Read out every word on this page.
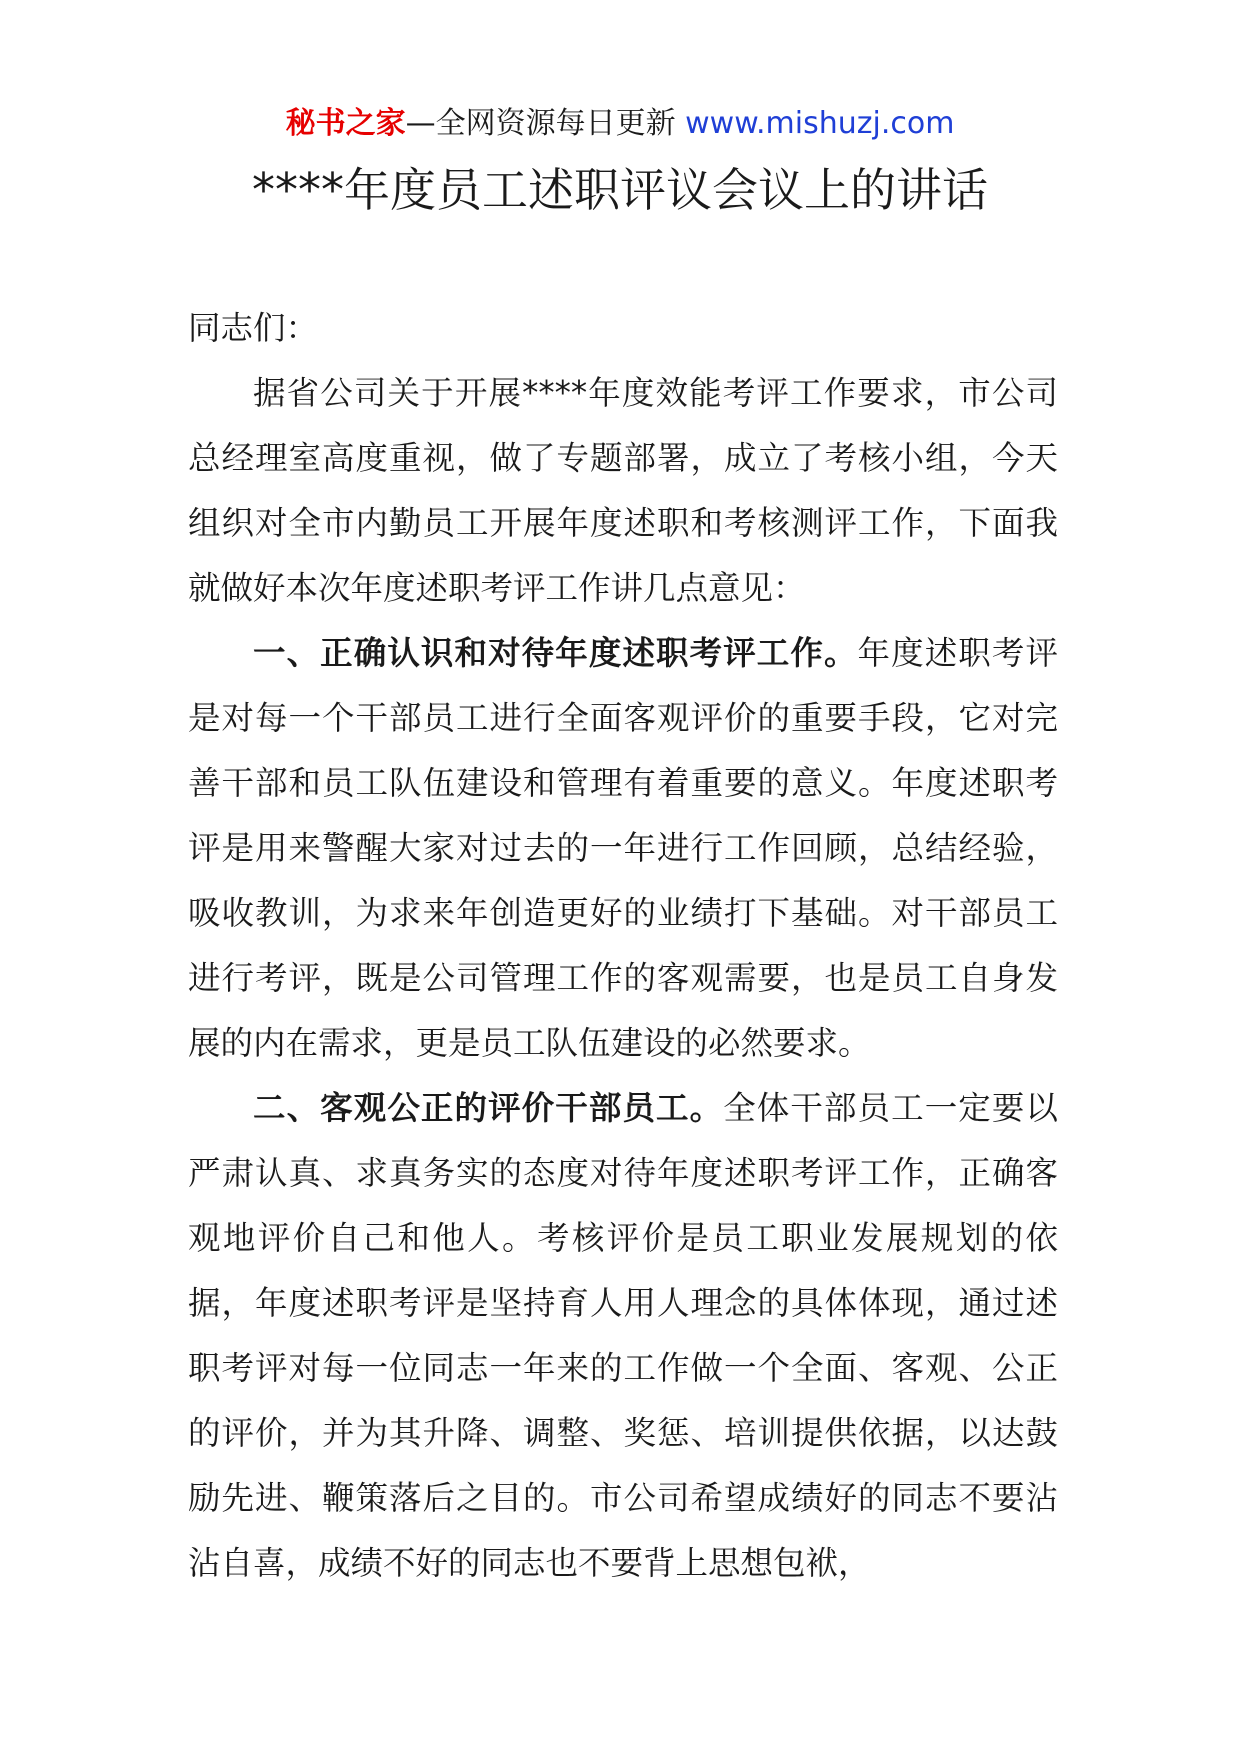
秘书之家—全网资源每日更新 www.mishuzj.com
****年度员工述职评议会议上的讲话

同志们：

据省公司关于开展****年度效能考评工作要求，市公司总经理室高度重视，做了专题部署，成立了考核小组，今天组织对全市内勤员工开展年度述职和考核测评工作，下面我就做好本次年度述职考评工作讲几点意见：

一、正确认识和对待年度述职考评工作。年度述职考评是对每一个干部员工进行全面客观评价的重要手段，它对完善干部和员工队伍建设和管理有着重要的意义。年度述职考评是用来警醒大家对过去的一年进行工作回顾，总结经验，吸收教训，为求来年创造更好的业绩打下基础。对干部员工进行考评，既是公司管理工作的客观需要，也是员工自身发展的内在需求，更是员工队伍建设的必然要求。

二、客观公正的评价干部员工。全体干部员工一定要以严肃认真、求真务实的态度对待年度述职考评工作，正确客观地评价自己和他人。考核评价是员工职业发展规划的依据，年度述职考评是坚持育人用人理念的具体体现，通过述职考评对每一位同志一年来的工作做一个全面、客观、公正的评价，并为其升降、调整、奖惩、培训提供依据，以达鼓励先进、鞭策落后之目的。市公司希望成绩好的同志不要沾沾自喜，成绩不好的同志也不要背上思想包袱，
